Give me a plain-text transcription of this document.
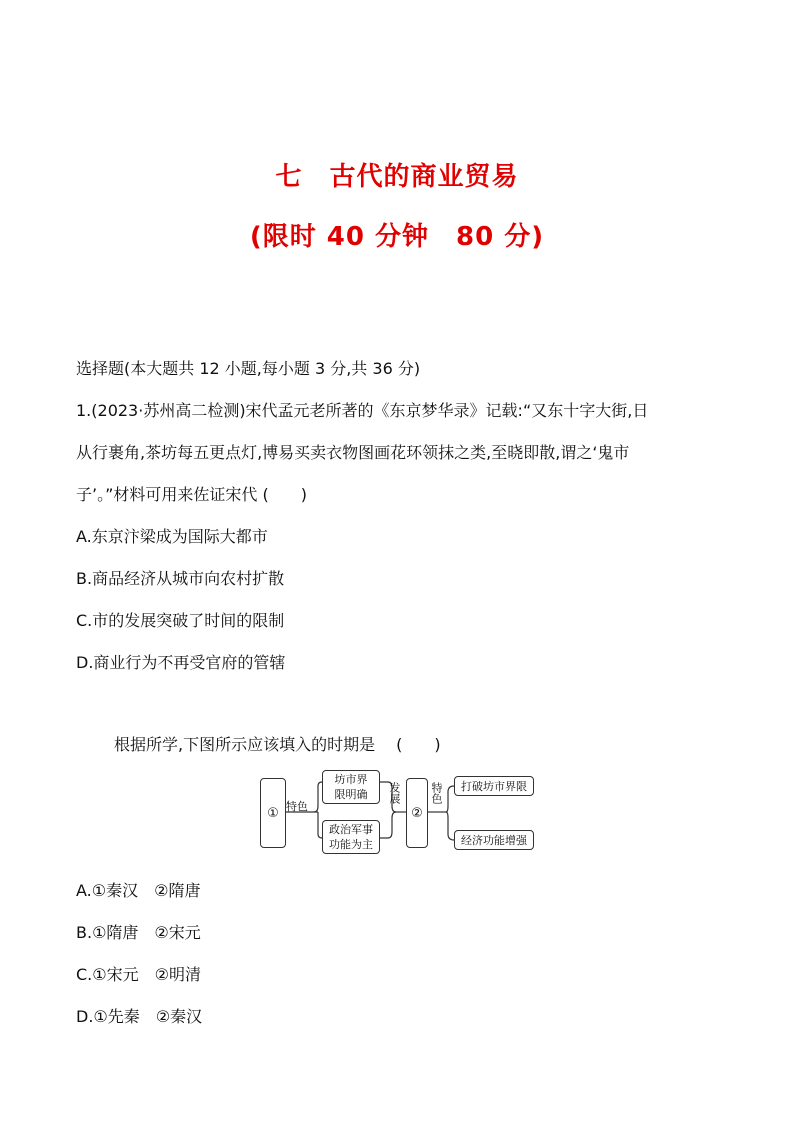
七　古代的商业贸易
(限时 40 分钟　80 分)
选择题(本大题共 12 小题,每小题 3 分,共 36 分)
1.(2023·苏州高二检测)宋代孟元老所著的《东京梦华录》记载:“又东十字大街,日
从行裹角,茶坊每五更点灯,博易买卖衣物图画花环领抹之类,至晓即散,谓之‘鬼市
子’。”材料可用来佐证宋代 (　　)
A.东京汴梁成为国际大都市
B.商品经济从城市向农村扩散
C.市的发展突破了时间的限制
D.商业行为不再受官府的管辖
根据所学,下图所示应该填入的时期是　 (　　)
① 特色
坊市界
限明确
政治军事
功能为主
发展
②
特色	打破坊市界限
经济功能增强
A.①秦汉　②隋唐
B.①隋唐　②宋元
C.①宋元　②明清
D.①先秦　②秦汉
